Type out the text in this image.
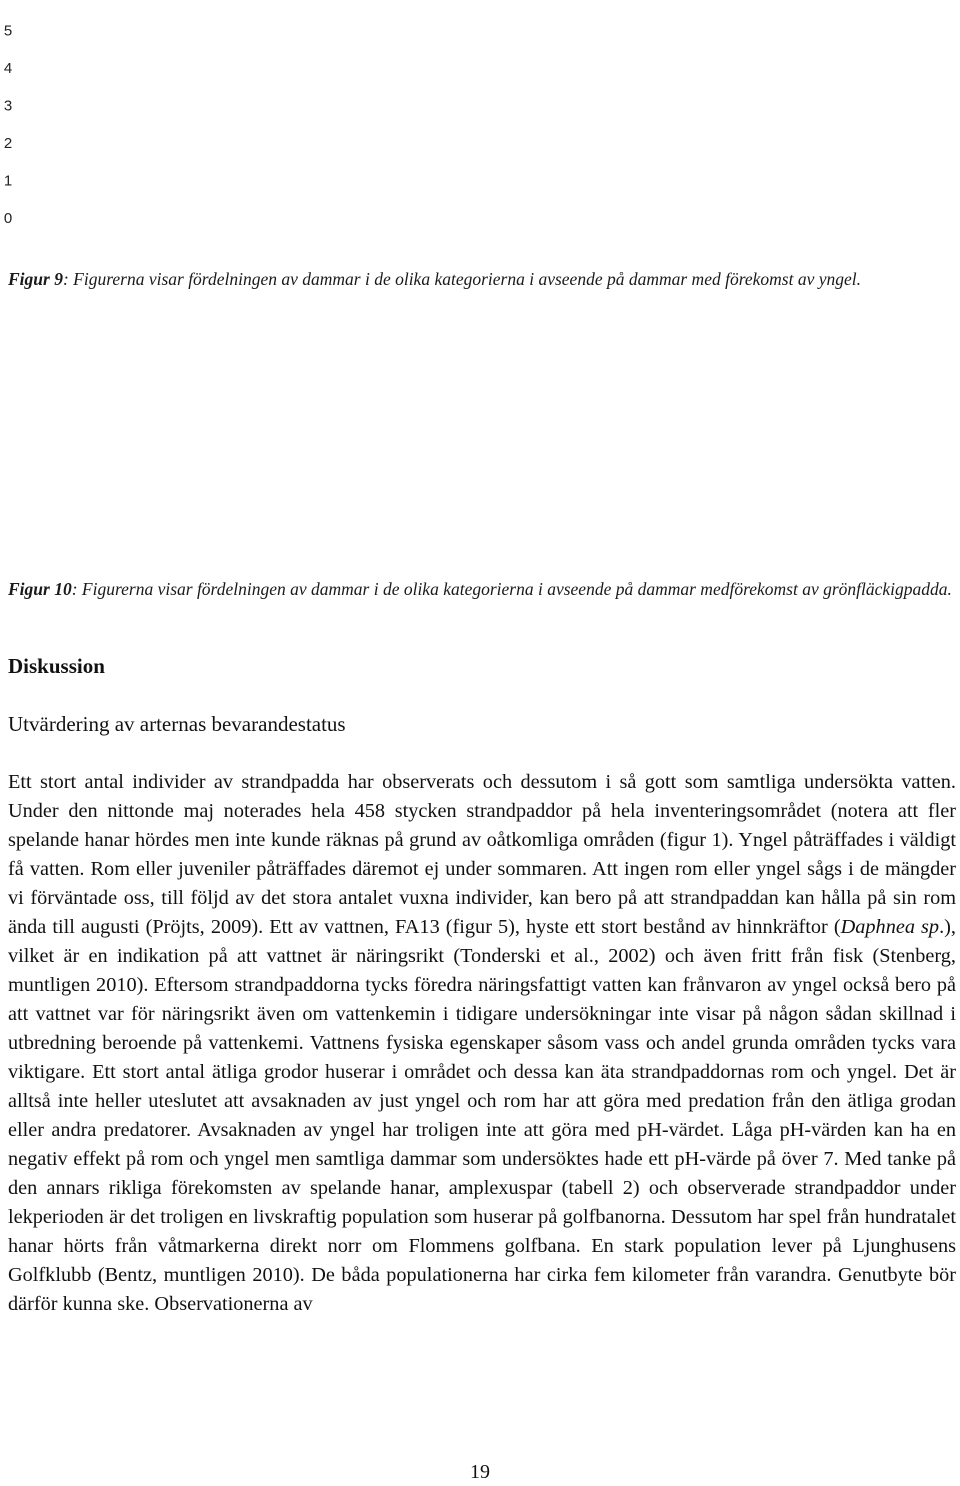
0
1
2
3
4
5
Figur 9: Figurerna visar fördelningen av dammar i de olika kategorierna i avseende på dammar med förekomst av yngel.
Figur 10: Figurerna visar fördelningen av dammar i de olika kategorierna i avseende på dammar medförekomst av grönfläckigpadda.
Diskussion
Utvärdering av arternas bevarandestatus

Ett stort antal individer av strandpadda har observerats och dessutom i så gott som samtliga undersökta vatten. Under den nittonde maj noterades hela 458 stycken strandpaddor på hela inventeringsområdet (notera att fler spelande hanar hördes men inte kunde räknas på grund av oåtkomliga områden (figur 1). Yngel påträffades i väldigt få vatten. Rom eller juveniler påträffades däremot ej under sommaren. Att ingen rom eller yngel sågs i de mängder vi förväntade oss, till följd av det stora antalet vuxna individer, kan bero på att strandpaddan kan hålla på sin rom ända till augusti (Pröjts, 2009). Ett av vattnen, FA13 (figur 5), hyste ett stort bestånd av hinnkräftor (Daphnea sp.), vilket är en indikation på att vattnet är näringsrikt (Tonderski et al., 2002) och även fritt från fisk (Stenberg, muntligen 2010). Eftersom strandpaddorna tycks föredra näringsfattigt vatten kan frånvaron av yngel också bero på att vattnet var för näringsrikt även om vattenkemin i tidigare undersökningar inte visar på någon sådan skillnad i utbredning beroende på vattenkemi. Vattnens fysiska egenskaper såsom vass och andel grunda områden tycks vara viktigare. Ett stort antal ätliga grodor huserar i området och dessa kan äta strandpaddornas rom och yngel. Det är alltså inte heller uteslutet att avsaknaden av just yngel och rom har att göra med predation från den ätliga grodan eller andra predatorer. Avsaknaden av yngel har troligen inte att göra med pH-värdet. Låga pH-värden kan ha en negativ effekt på rom och yngel men samtliga dammar som undersöktes hade ett pH-värde på över 7. Med tanke på den annars rikliga förekomsten av spelande hanar, amplexuspar (tabell 2) och observerade strandpaddor under lekperioden är det troligen en livskraftig population som huserar på golfbanorna. Dessutom har spel från hundratalet hanar hörts från våtmarkerna direkt norr om Flommens golfbana. En stark population lever på Ljunghusens Golfklubb (Bentz, muntligen 2010). De båda populationerna har cirka fem kilometer från varandra. Genutbyte bör därför kunna ske. Observationerna av

19
